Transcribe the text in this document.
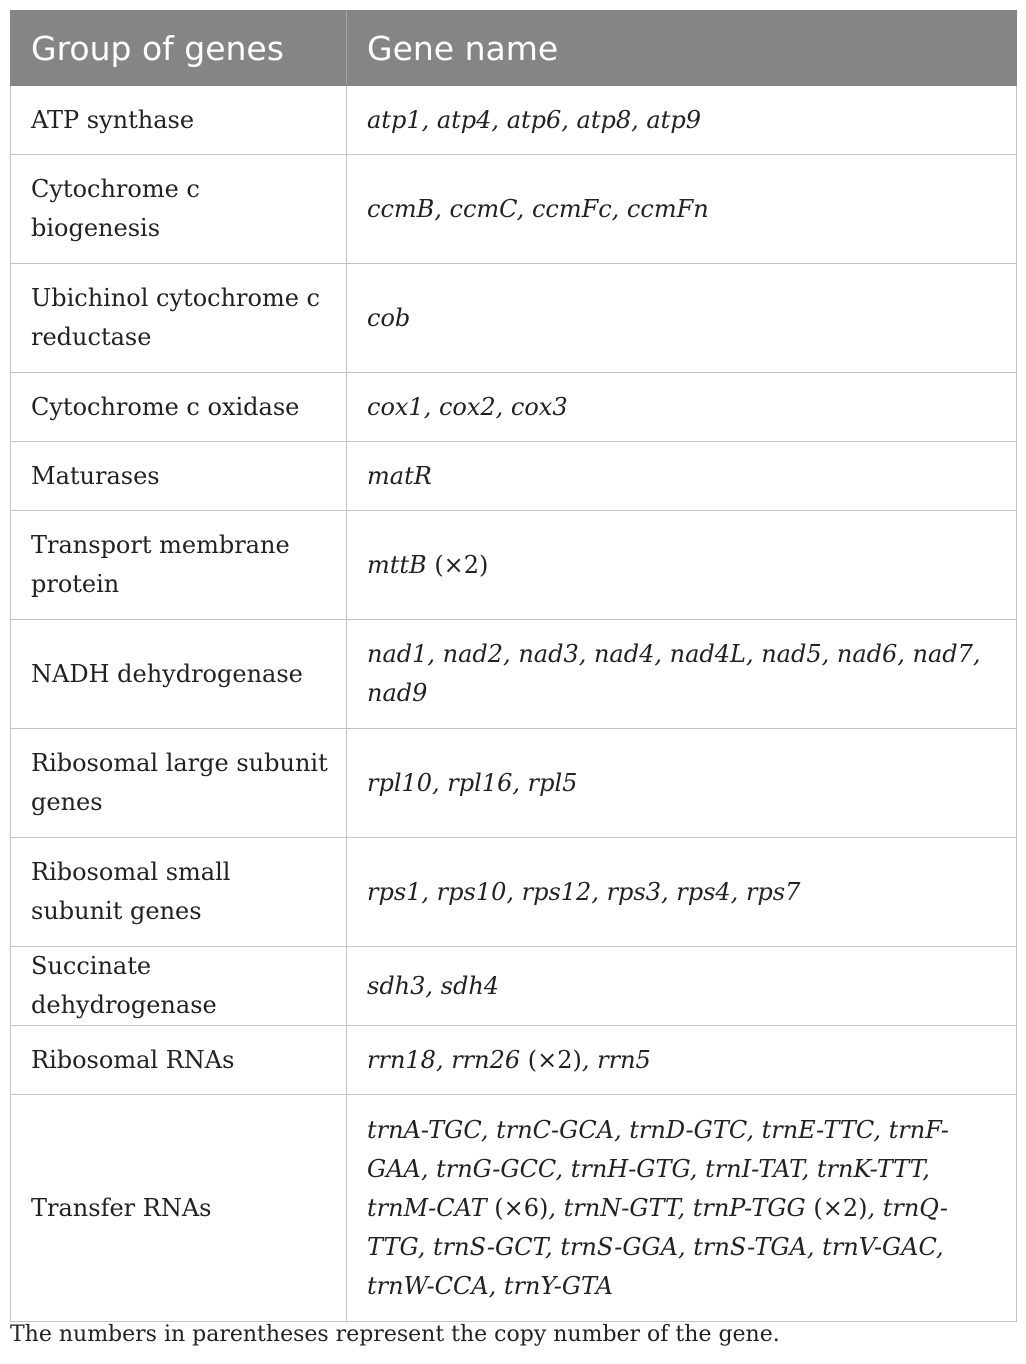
Group of genes	Gene name
ATP synthase	atp1, atp4, atp6, atp8, atp9
Cytochrome c biogenesis	ccmB, ccmC, ccmFc, ccmFn
Ubichinol cytochrome c reductase	cob
Cytochrome c oxidase	cox1, cox2, cox3
Maturases	matR
Transport membrane protein	mttB (×2)
NADH dehydrogenase	nad1, nad2, nad3, nad4, nad4L, nad5, nad6, nad7, nad9
Ribosomal large subunit genes	rpl10, rpl16, rpl5
Ribosomal small subunit genes	rps1, rps10, rps12, rps3, rps4, rps7
Succinate dehydrogenase	sdh3, sdh4
Ribosomal RNAs	rrn18, rrn26 (×2), rrn5
Transfer RNAs	trnA-TGC, trnC-GCA, trnD-GTC, trnE-TTC, trnF-GAA, trnG-GCC, trnH-GTG, trnI-TAT, trnK-TTT, trnM-CAT (×6), trnN-GTT, trnP-TGG (×2), trnQ-TTG, trnS-GCT, trnS-GGA, trnS-TGA, trnV-GAC, trnW-CCA, trnY-GTA
The numbers in parentheses represent the copy number of the gene.
